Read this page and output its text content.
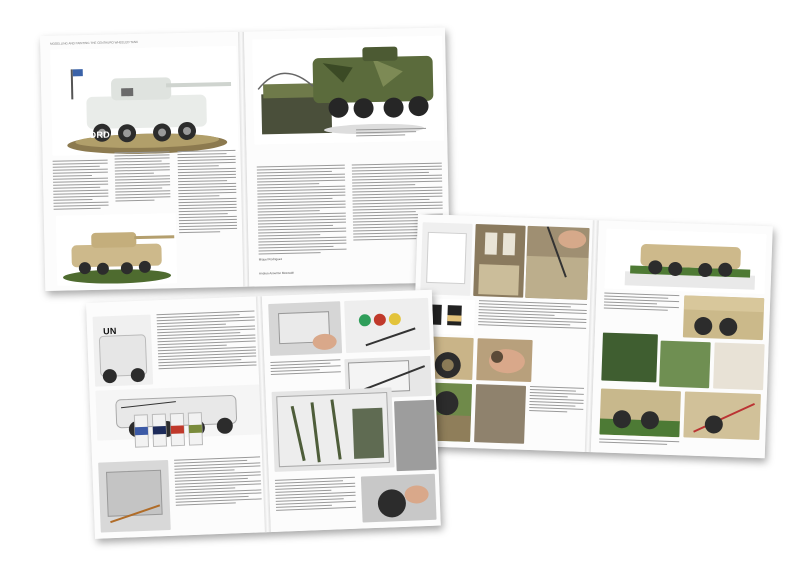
MODELLING AND PAINTING THE CENTAURO WHEELED TANK
FOREWORD
Miquel Rodriguez
Andrea Anselmo Mezzadri
UN
